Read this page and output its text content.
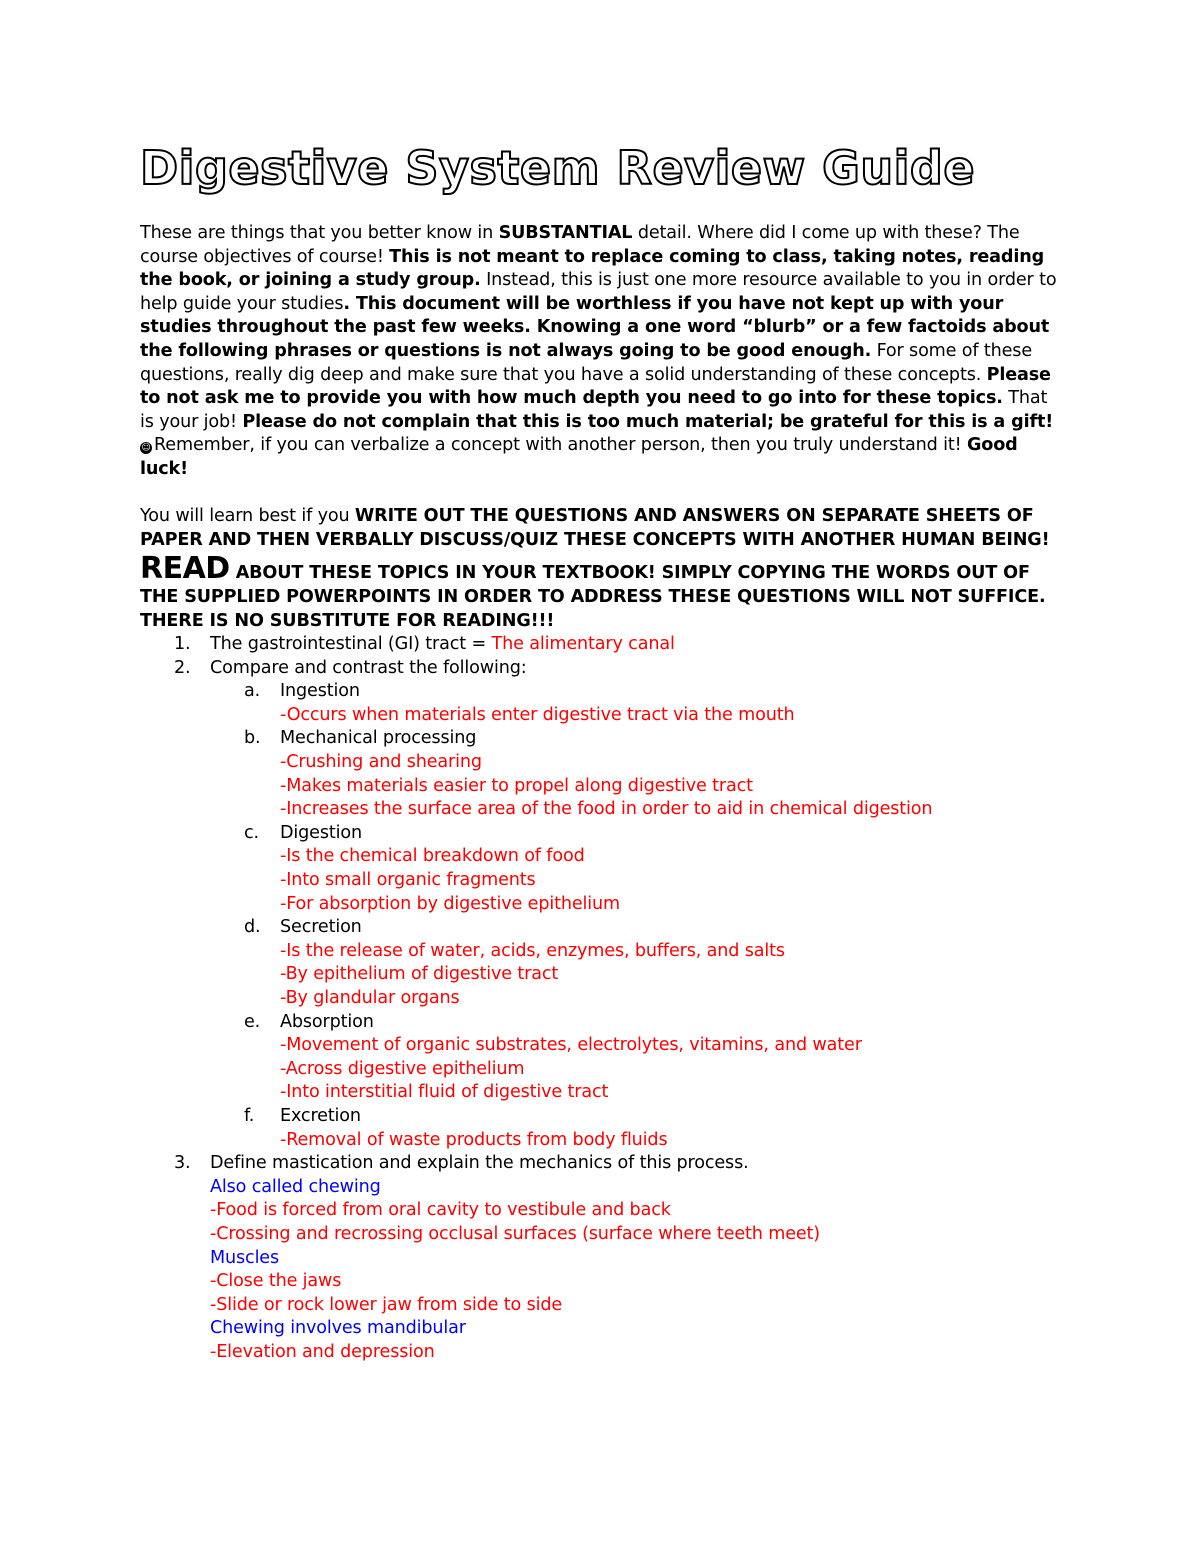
Digestive System Review Guide

These are things that you better know in SUBSTANTIAL detail. Where did I come up with these? The course objectives of course! This is not meant to replace coming to class, taking notes, reading the book, or joining a study group. Instead, this is just one more resource available to you in order to help guide your studies. This document will be worthless if you have not kept up with your studies throughout the past few weeks. Knowing a one word “blurb” or a few factoids about the following phrases or questions is not always going to be good enough. For some of these questions, really dig deep and make sure that you have a solid understanding of these concepts. Please to not ask me to provide you with how much depth you need to go into for these topics. That is your job! Please do not complain that this is too much material; be grateful for this is a gift!
☺ Remember, if you can verbalize a concept with another person, then you truly understand it! Good luck!

You will learn best if you WRITE OUT THE QUESTIONS AND ANSWERS ON SEPARATE SHEETS OF PAPER AND THEN VERBALLY DISCUSS/QUIZ THESE CONCEPTS WITH ANOTHER HUMAN BEING!

READ ABOUT THESE TOPICS IN YOUR TEXTBOOK! SIMPLY COPYING THE WORDS OUT OF THE SUPPLIED POWERPOINTS IN ORDER TO ADDRESS THESE QUESTIONS WILL NOT SUFFICE. THERE IS NO SUBSTITUTE FOR READING!!!

1. The gastrointestinal (GI) tract = The alimentary canal
2. Compare and contrast the following:
a. Ingestion
-Occurs when materials enter digestive tract via the mouth
b. Mechanical processing
-Crushing and shearing
-Makes materials easier to propel along digestive tract
-Increases the surface area of the food in order to aid in chemical digestion
c. Digestion
-Is the chemical breakdown of food
-Into small organic fragments
-For absorption by digestive epithelium
d. Secretion
-Is the release of water, acids, enzymes, buffers, and salts
-By epithelium of digestive tract
-By glandular organs
e. Absorption
-Movement of organic substrates, electrolytes, vitamins, and water
-Across digestive epithelium
-Into interstitial fluid of digestive tract
f. Excretion
-Removal of waste products from body fluids
3. Define mastication and explain the mechanics of this process.
Also called chewing
-Food is forced from oral cavity to vestibule and back
-Crossing and recrossing occlusal surfaces (surface where teeth meet)
Muscles
-Close the jaws
-Slide or rock lower jaw from side to side
Chewing involves mandibular
-Elevation and depression
